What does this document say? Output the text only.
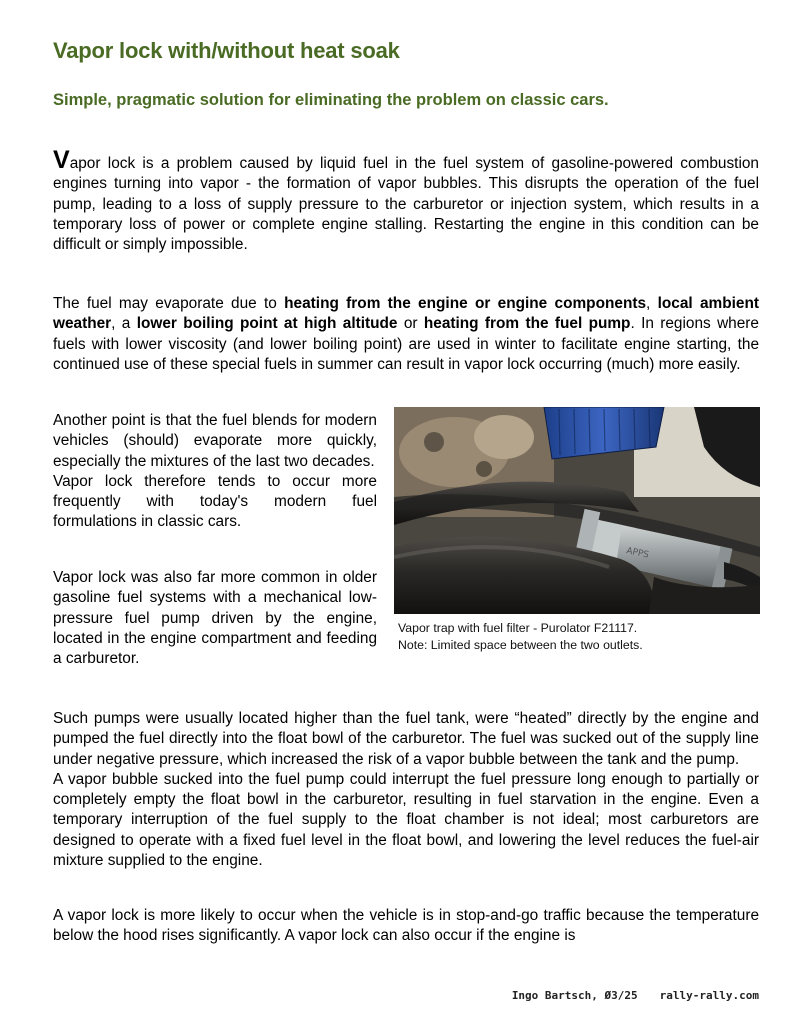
Vapor lock with/without heat soak
Simple, pragmatic solution for eliminating the problem on classic cars.

Vapor lock is a problem caused by liquid fuel in the fuel system of gasoline-powered combustion engines turning into vapor - the formation of vapor bubbles. This disrupts the operation of the fuel pump, leading to a loss of supply pressure to the carburetor or injection system, which results in a temporary loss of power or complete engine stalling. Restarting the engine in this condition can be difficult or simply impossible.

The fuel may evaporate due to heating from the engine or engine components, local ambient weather, a lower boiling point at high altitude or heating from the fuel pump. In regions where fuels with lower viscosity (and lower boiling point) are used in winter to facilitate engine starting, the continued use of these special fuels in summer can result in vapor lock occurring (much) more easily.

Another point is that the fuel blends for modern vehicles (should) evaporate more quickly, especially the mixtures of the last two decades.
Vapor lock therefore tends to occur more frequently with today's modern fuel formulations in classic cars.

Vapor lock was also far more common in older gasoline fuel systems with a mechanical low-pressure fuel pump driven by the engine, located in the engine compartment and feeding a carburetor.

APPS
Vapor trap with fuel filter - Purolator F21117.
Note: Limited space between the two outlets.
Such pumps were usually located higher than the fuel tank, were “heated” directly by the engine and pumped the fuel directly into the float bowl of the carburetor. The fuel was sucked out of the supply line under negative pressure, which increased the risk of a vapor bubble between the tank and the pump.
A vapor bubble sucked into the fuel pump could interrupt the fuel pressure long enough to partially or completely empty the float bowl in the carburetor, resulting in fuel starvation in the engine. Even a temporary interruption of the fuel supply to the float chamber is not ideal; most carburetors are designed to operate with a fixed fuel level in the float bowl, and lowering the level reduces the fuel-air mixture supplied to the engine.

A vapor lock is more likely to occur when the vehicle is in stop-and-go traffic because the temperature below the hood rises significantly. A vapor lock can also occur if the engine is

Ingo Bartsch, Ø3/25 rally-rally.com
